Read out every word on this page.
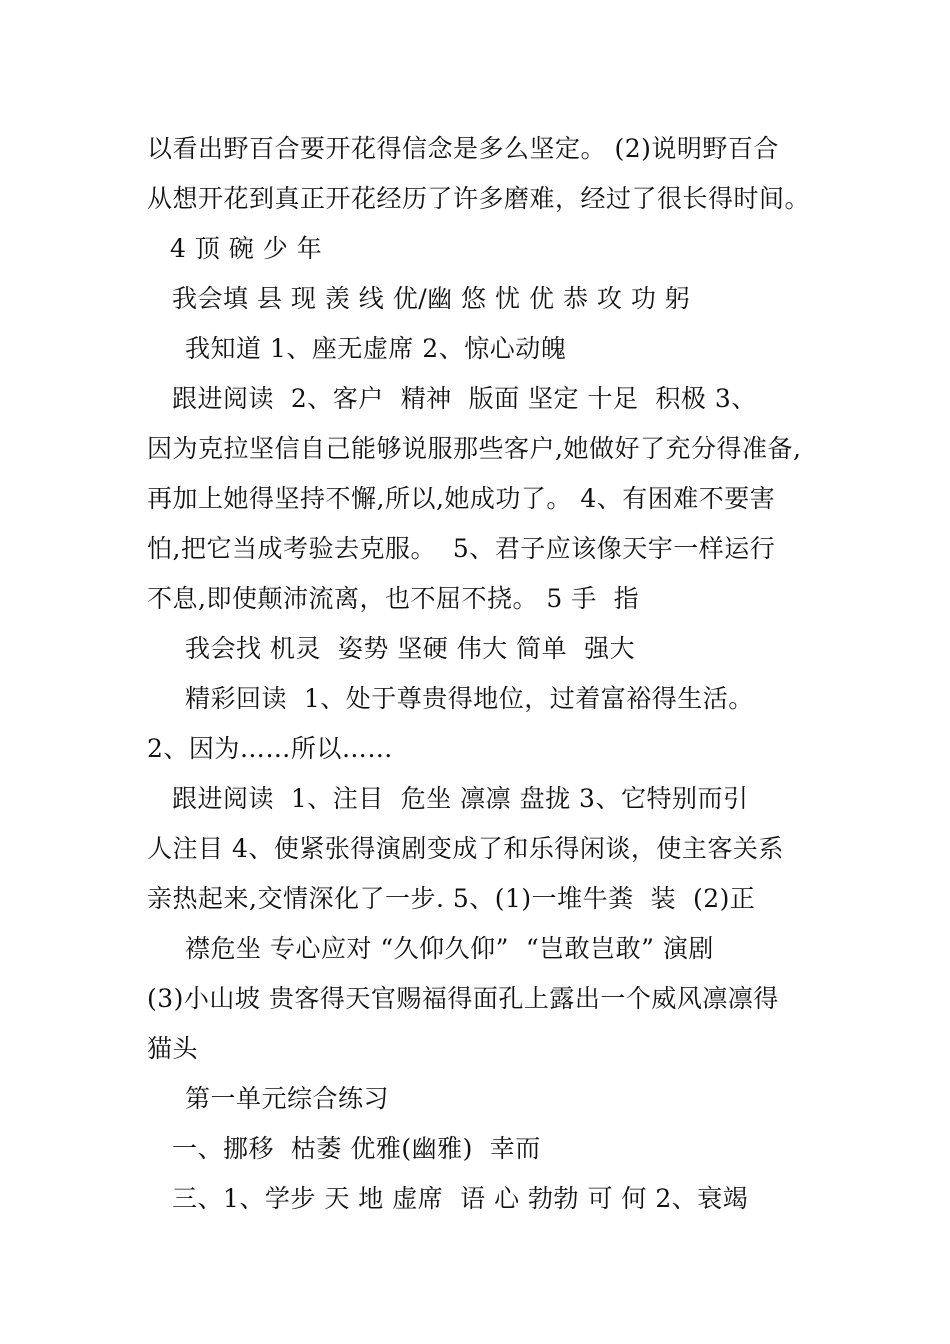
以看出野百合要开花得信念是多么坚定。 (2)说明野百合
从想开花到真正开花经历了许多磨难，经过了很长得时间。
4 顶 碗 少 年
我会填 县 现 羡 线 优/幽 悠 忧 优 恭 攻 功 躬
我知道 1、座无虚席 2、惊心动魄
跟进阅读  2、客户  精神  版面 坚定 十足  积极 3、
因为克拉坚信自己能够说服那些客户,她做好了充分得准备,
再加上她得坚持不懈,所以,她成功了。 4、有困难不要害
怕,把它当成考验去克服。  5、君子应该像天宇一样运行
不息,即使颠沛流离，也不屈不挠。 5 手  指
我会找 机灵  姿势 坚硬 伟大 简单  强大
精彩回读  1、处于尊贵得地位，过着富裕得生活。
2、因为……所以……
跟进阅读  1、注目  危坐 凛凛 盘拢 3、它特别而引
人注目 4、使紧张得演剧变成了和乐得闲谈，使主客关系
亲热起来,交情深化了一步. 5、(1)一堆牛粪  装  (2)正
襟危坐 专心应对 “久仰久仰”  “岂敢岂敢” 演剧
(3)小山坡 贵客得天官赐福得面孔上露出一个威风凛凛得
猫头
第一单元综合练习
一、挪移  枯萎 优雅(幽雅)  幸而
三、1、学步 天 地 虚席  语 心 勃勃 可 何 2、衰竭
